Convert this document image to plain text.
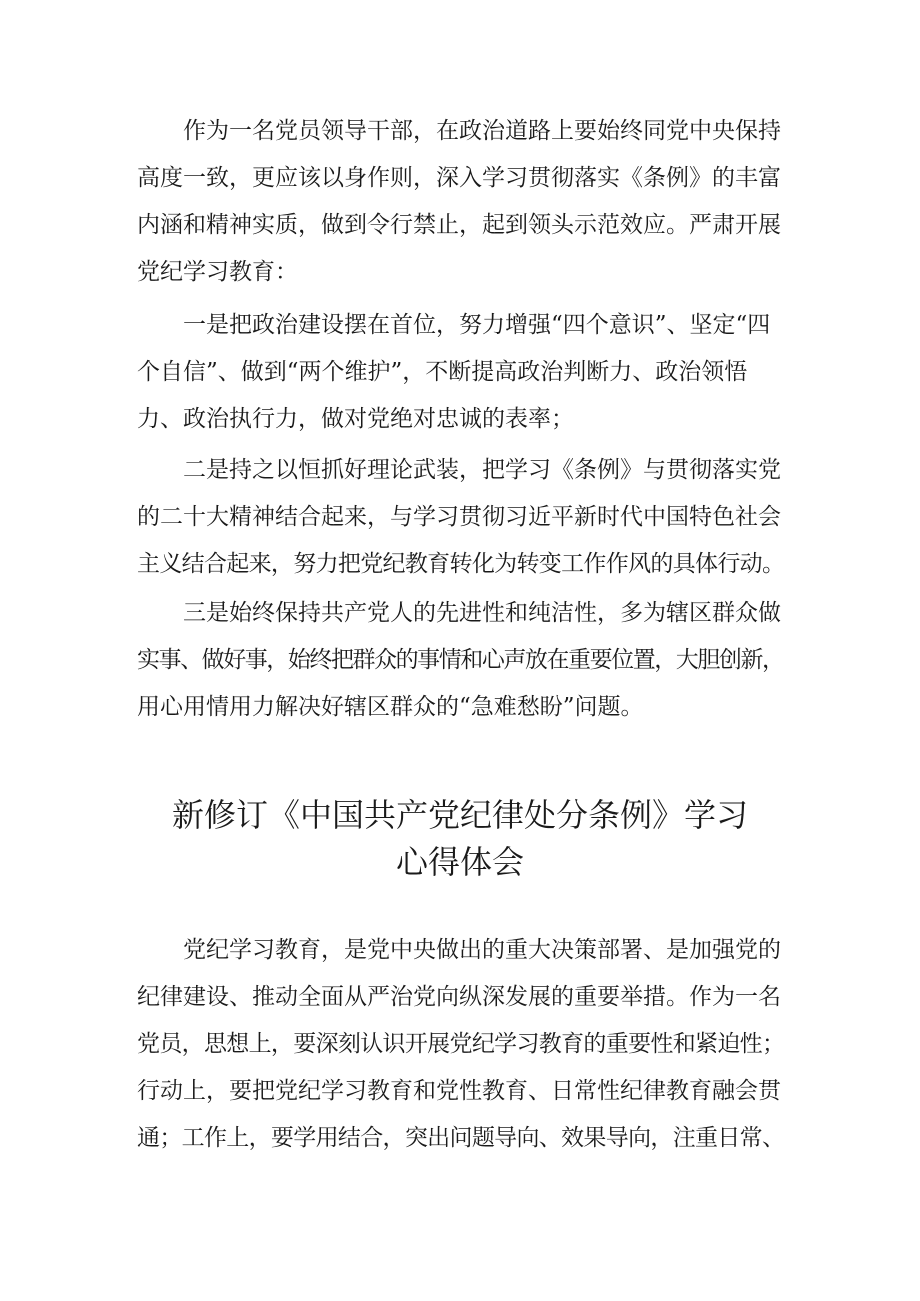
作为一名党员领导干部，在政治道路上要始终同党中央保持
高度一致，更应该以身作则，深入学习贯彻落实《条例》的丰富
内涵和精神实质，做到令行禁止，起到领头示范效应。严肃开展
党纪学习教育：
一是把政治建设摆在首位，努力增强“四个意识”、坚定“四
个自信”、做到“两个维护”，不断提高政治判断力、政治领悟
力、政治执行力，做对党绝对忠诚的表率；
二是持之以恒抓好理论武装，把学习《条例》与贯彻落实党
的二十大精神结合起来，与学习贯彻习近平新时代中国特色社会
主义结合起来，努力把党纪教育转化为转变工作作风的具体行动。
三是始终保持共产党人的先进性和纯洁性，多为辖区群众做
实事、做好事，始终把群众的事情和心声放在重要位置，大胆创新，
用心用情用力解决好辖区群众的“急难愁盼”问题。
新修订《中国共产党纪律处分条例》学习
心得体会
党纪学习教育，是党中央做出的重大决策部署、是加强党的
纪律建设、推动全面从严治党向纵深发展的重要举措。作为一名
党员，思想上，要深刻认识开展党纪学习教育的重要性和紧迫性；
行动上，要把党纪学习教育和党性教育、日常性纪律教育融会贯
通；工作上，要学用结合，突出问题导向、效果导向，注重日常、
